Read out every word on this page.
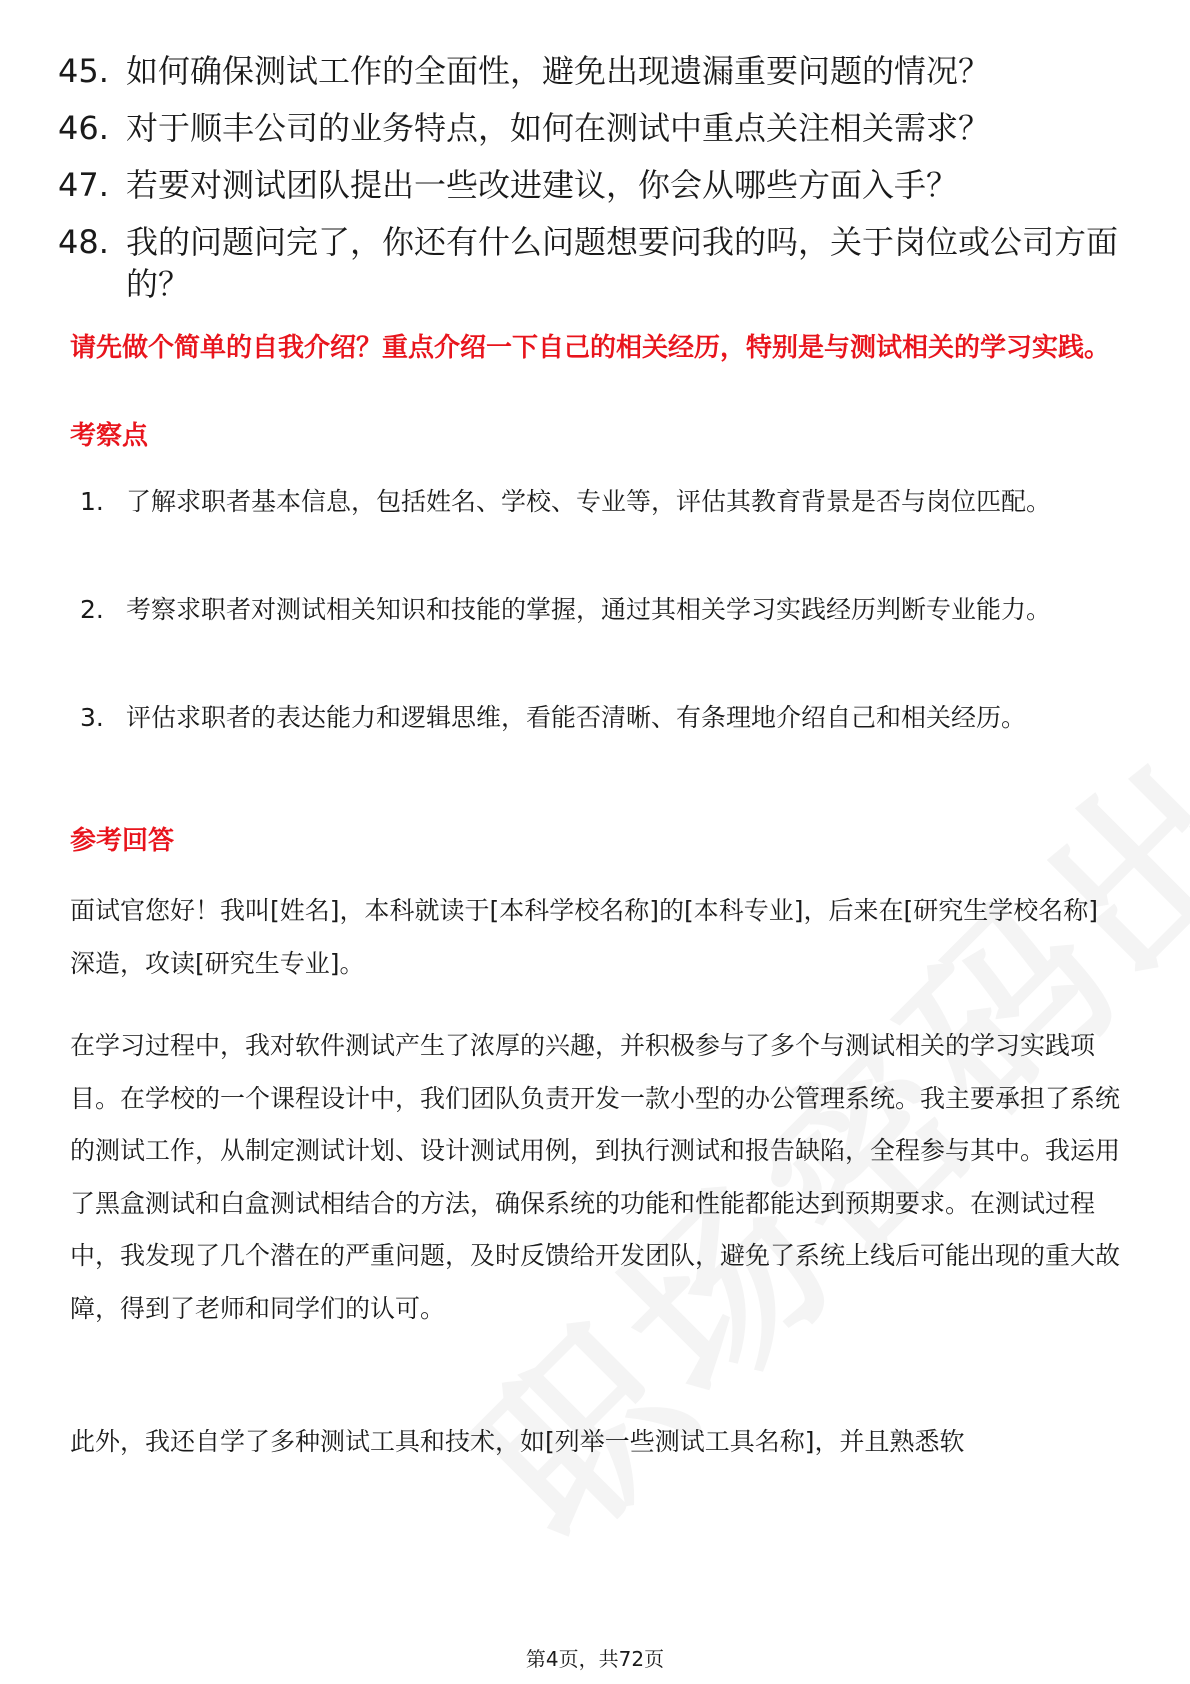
45. 如何确保测试工作的全面性，避免出现遗漏重要问题的情况？
46. 对于顺丰公司的业务特点，如何在测试中重点关注相关需求？
47. 若要对测试团队提出一些改进建议，你会从哪些方面入手？
48. 我的问题问完了，你还有什么问题想要问我的吗，关于岗位或公司方面的？
请先做个简单的自我介绍？重点介绍一下自己的相关经历，特别是与测试相关的学习实践。
考察点
1. 了解求职者基本信息，包括姓名、学校、专业等，评估其教育背景是否与岗位匹配。
2. 考察求职者对测试相关知识和技能的掌握，通过其相关学习实践经历判断专业能力。
3. 评估求职者的表达能力和逻辑思维，看能否清晰、有条理地介绍自己和相关经历。
参考回答
面试官您好！我叫[姓名]，本科就读于[本科学校名称]的[本科专业]，后来在[研究生学校名称]深造，攻读[研究生专业]。
在学习过程中，我对软件测试产生了浓厚的兴趣，并积极参与了多个与测试相关的学习实践项目。在学校的一个课程设计中，我们团队负责开发一款小型的办公管理系统。我主要承担了系统的测试工作，从制定测试计划、设计测试用例，到执行测试和报告缺陷，全程参与其中。我运用了黑盒测试和白盒测试相结合的方法，确保系统的功能和性能都能达到预期要求。在测试过程中，我发现了几个潜在的严重问题，及时反馈给开发团队，避免了系统上线后可能出现的重大故障，得到了老师和同学们的认可。
此外，我还自学了多种测试工具和技术，如[列举一些测试工具名称]，并且熟悉软
第4页，共72页
